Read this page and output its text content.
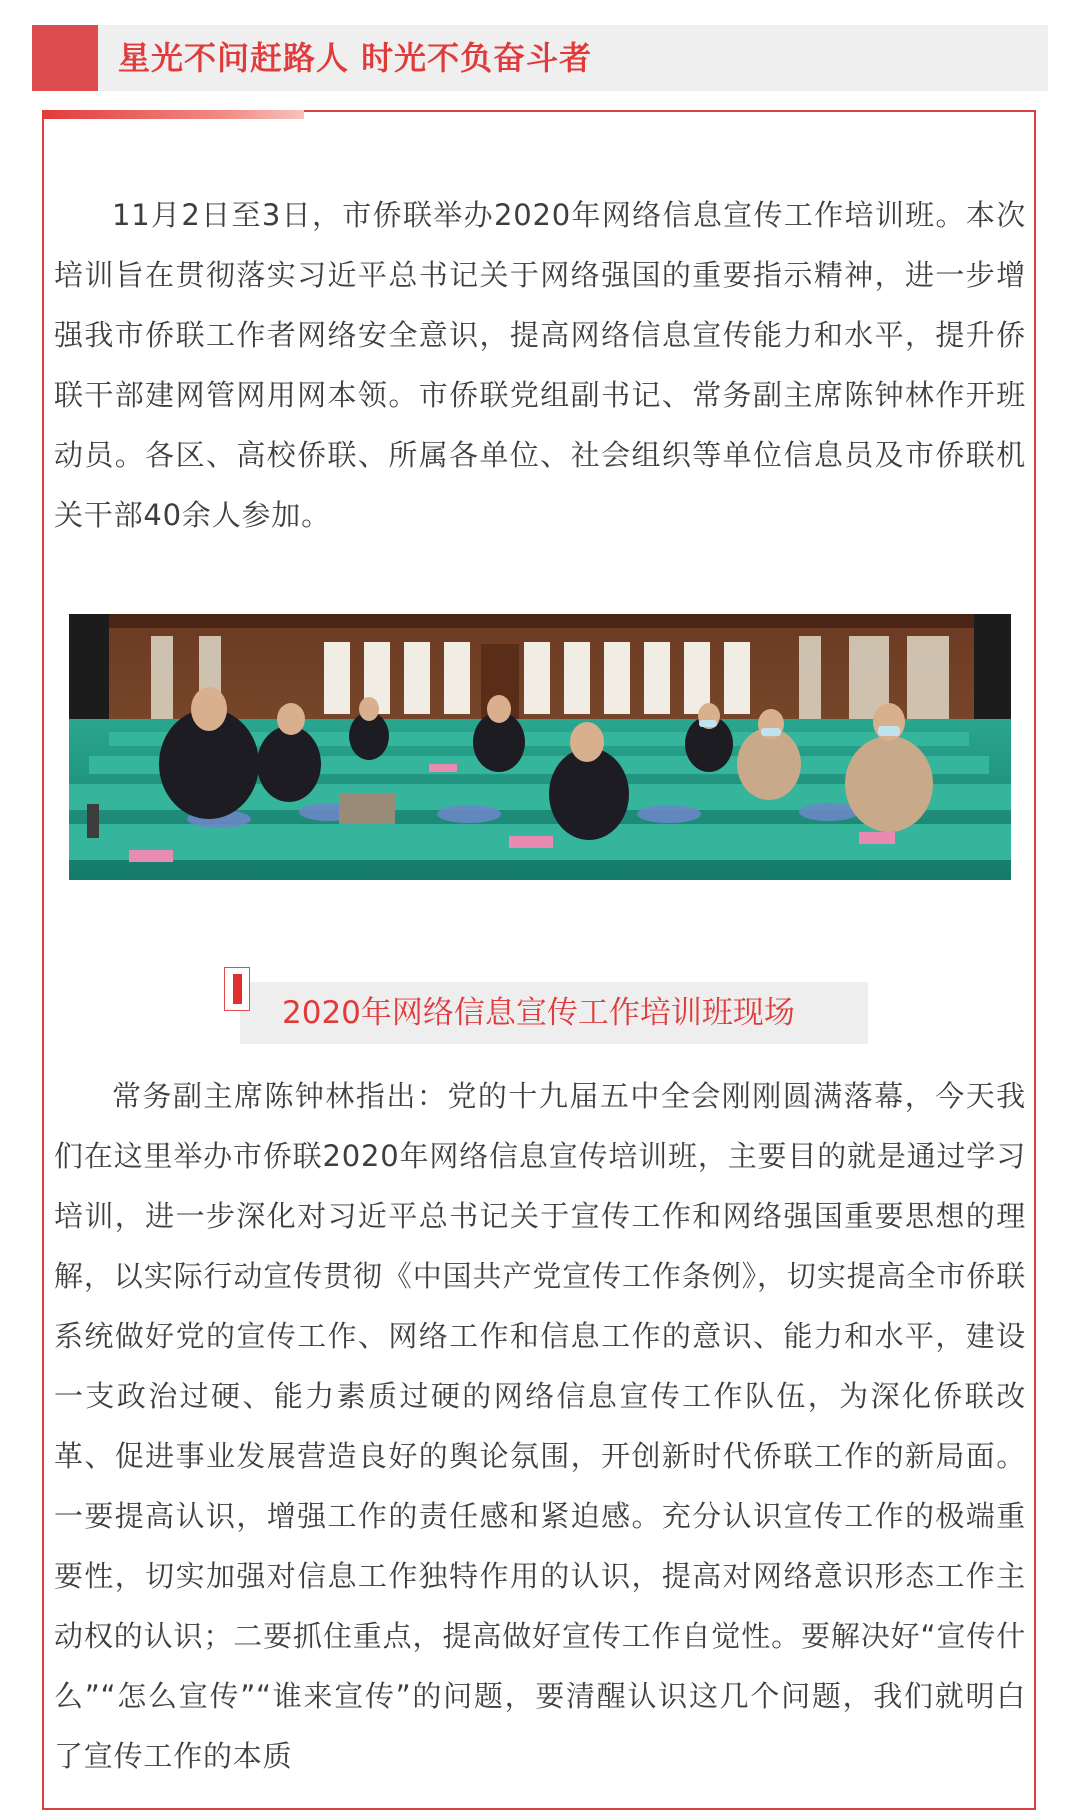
星光不问赶路人 时光不负奋斗者

11月2日至3日，市侨联举办2020年网络信息宣传工作培训班。本次培训旨在贯彻落实习近平总书记关于网络强国的重要指示精神，进一步增强我市侨联工作者网络安全意识，提高网络信息宣传能力和水平，提升侨联干部建网管网用网本领。市侨联党组副书记、常务副主席陈钟林作开班动员。各区、高校侨联、所属各单位、社会组织等单位信息员及市侨联机关干部40余人参加。

2020年网络信息宣传工作培训班现场

常务副主席陈钟林指出：党的十九届五中全会刚刚圆满落幕，今天我们在这里举办市侨联2020年网络信息宣传培训班，主要目的就是通过学习培训，进一步深化对习近平总书记关于宣传工作和网络强国重要思想的理解，以实际行动宣传贯彻《中国共产党宣传工作条例》，切实提高全市侨联系统做好党的宣传工作、网络工作和信息工作的意识、能力和水平，建设一支政治过硬、能力素质过硬的网络信息宣传工作队伍，为深化侨联改革、促进事业发展营造良好的舆论氛围，开创新时代侨联工作的新局面。一要提高认识，增强工作的责任感和紧迫感。充分认识宣传工作的极端重要性，切实加强对信息工作独特作用的认识，提高对网络意识形态工作主动权的认识；二要抓住重点，提高做好宣传工作自觉性。要解决好“宣传什么”“怎么宣传”“谁来宣传”的问题，要清醒认识这几个问题，我们就明白了宣传工作的本质
